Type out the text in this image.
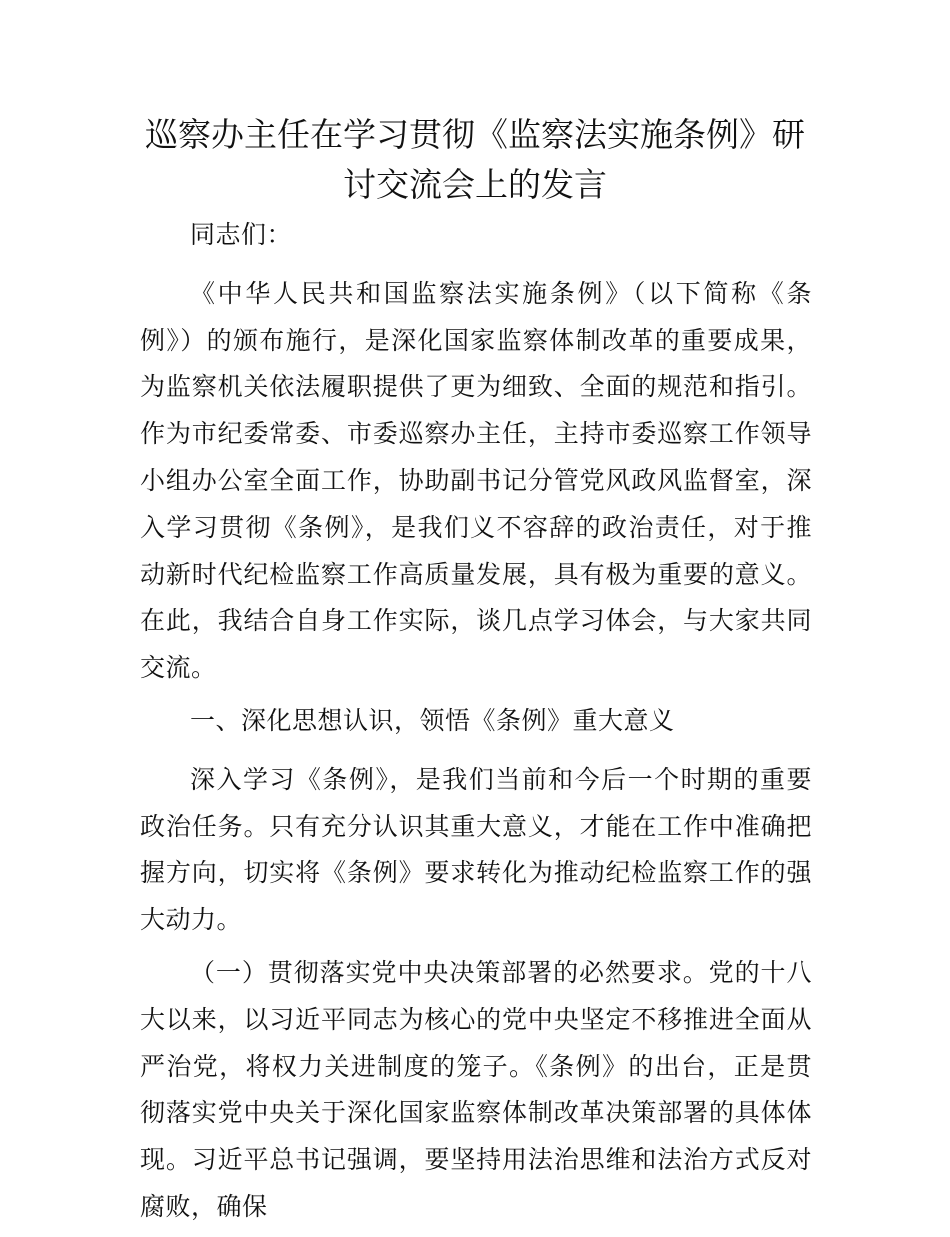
巡察办主任在学习贯彻《监察法实施条例》研
讨交流会上的发言

同志们：

《中华人民共和国监察法实施条例》（以下简称《条例》）的颁布施行，是深化国家监察体制改革的重要成果，为监察机关依法履职提供了更为细致、全面的规范和指引。作为市纪委常委、市委巡察办主任，主持市委巡察工作领导小组办公室全面工作，协助副书记分管党风政风监督室，深入学习贯彻《条例》，是我们义不容辞的政治责任，对于推动新时代纪检监察工作高质量发展，具有极为重要的意义。在此，我结合自身工作实际，谈几点学习体会，与大家共同交流。

一、深化思想认识，领悟《条例》重大意义

深入学习《条例》，是我们当前和今后一个时期的重要政治任务。只有充分认识其重大意义，才能在工作中准确把握方向，切实将《条例》要求转化为推动纪检监察工作的强大动力。

（一）贯彻落实党中央决策部署的必然要求。党的十八大以来，以习近平同志为核心的党中央坚定不移推进全面从严治党，将权力关进制度的笼子。《条例》的出台，正是贯彻落实党中央关于深化国家监察体制改革决策部署的具体体现。习近平总书记强调，要坚持用法治思维和法治方式反对腐败，确保
